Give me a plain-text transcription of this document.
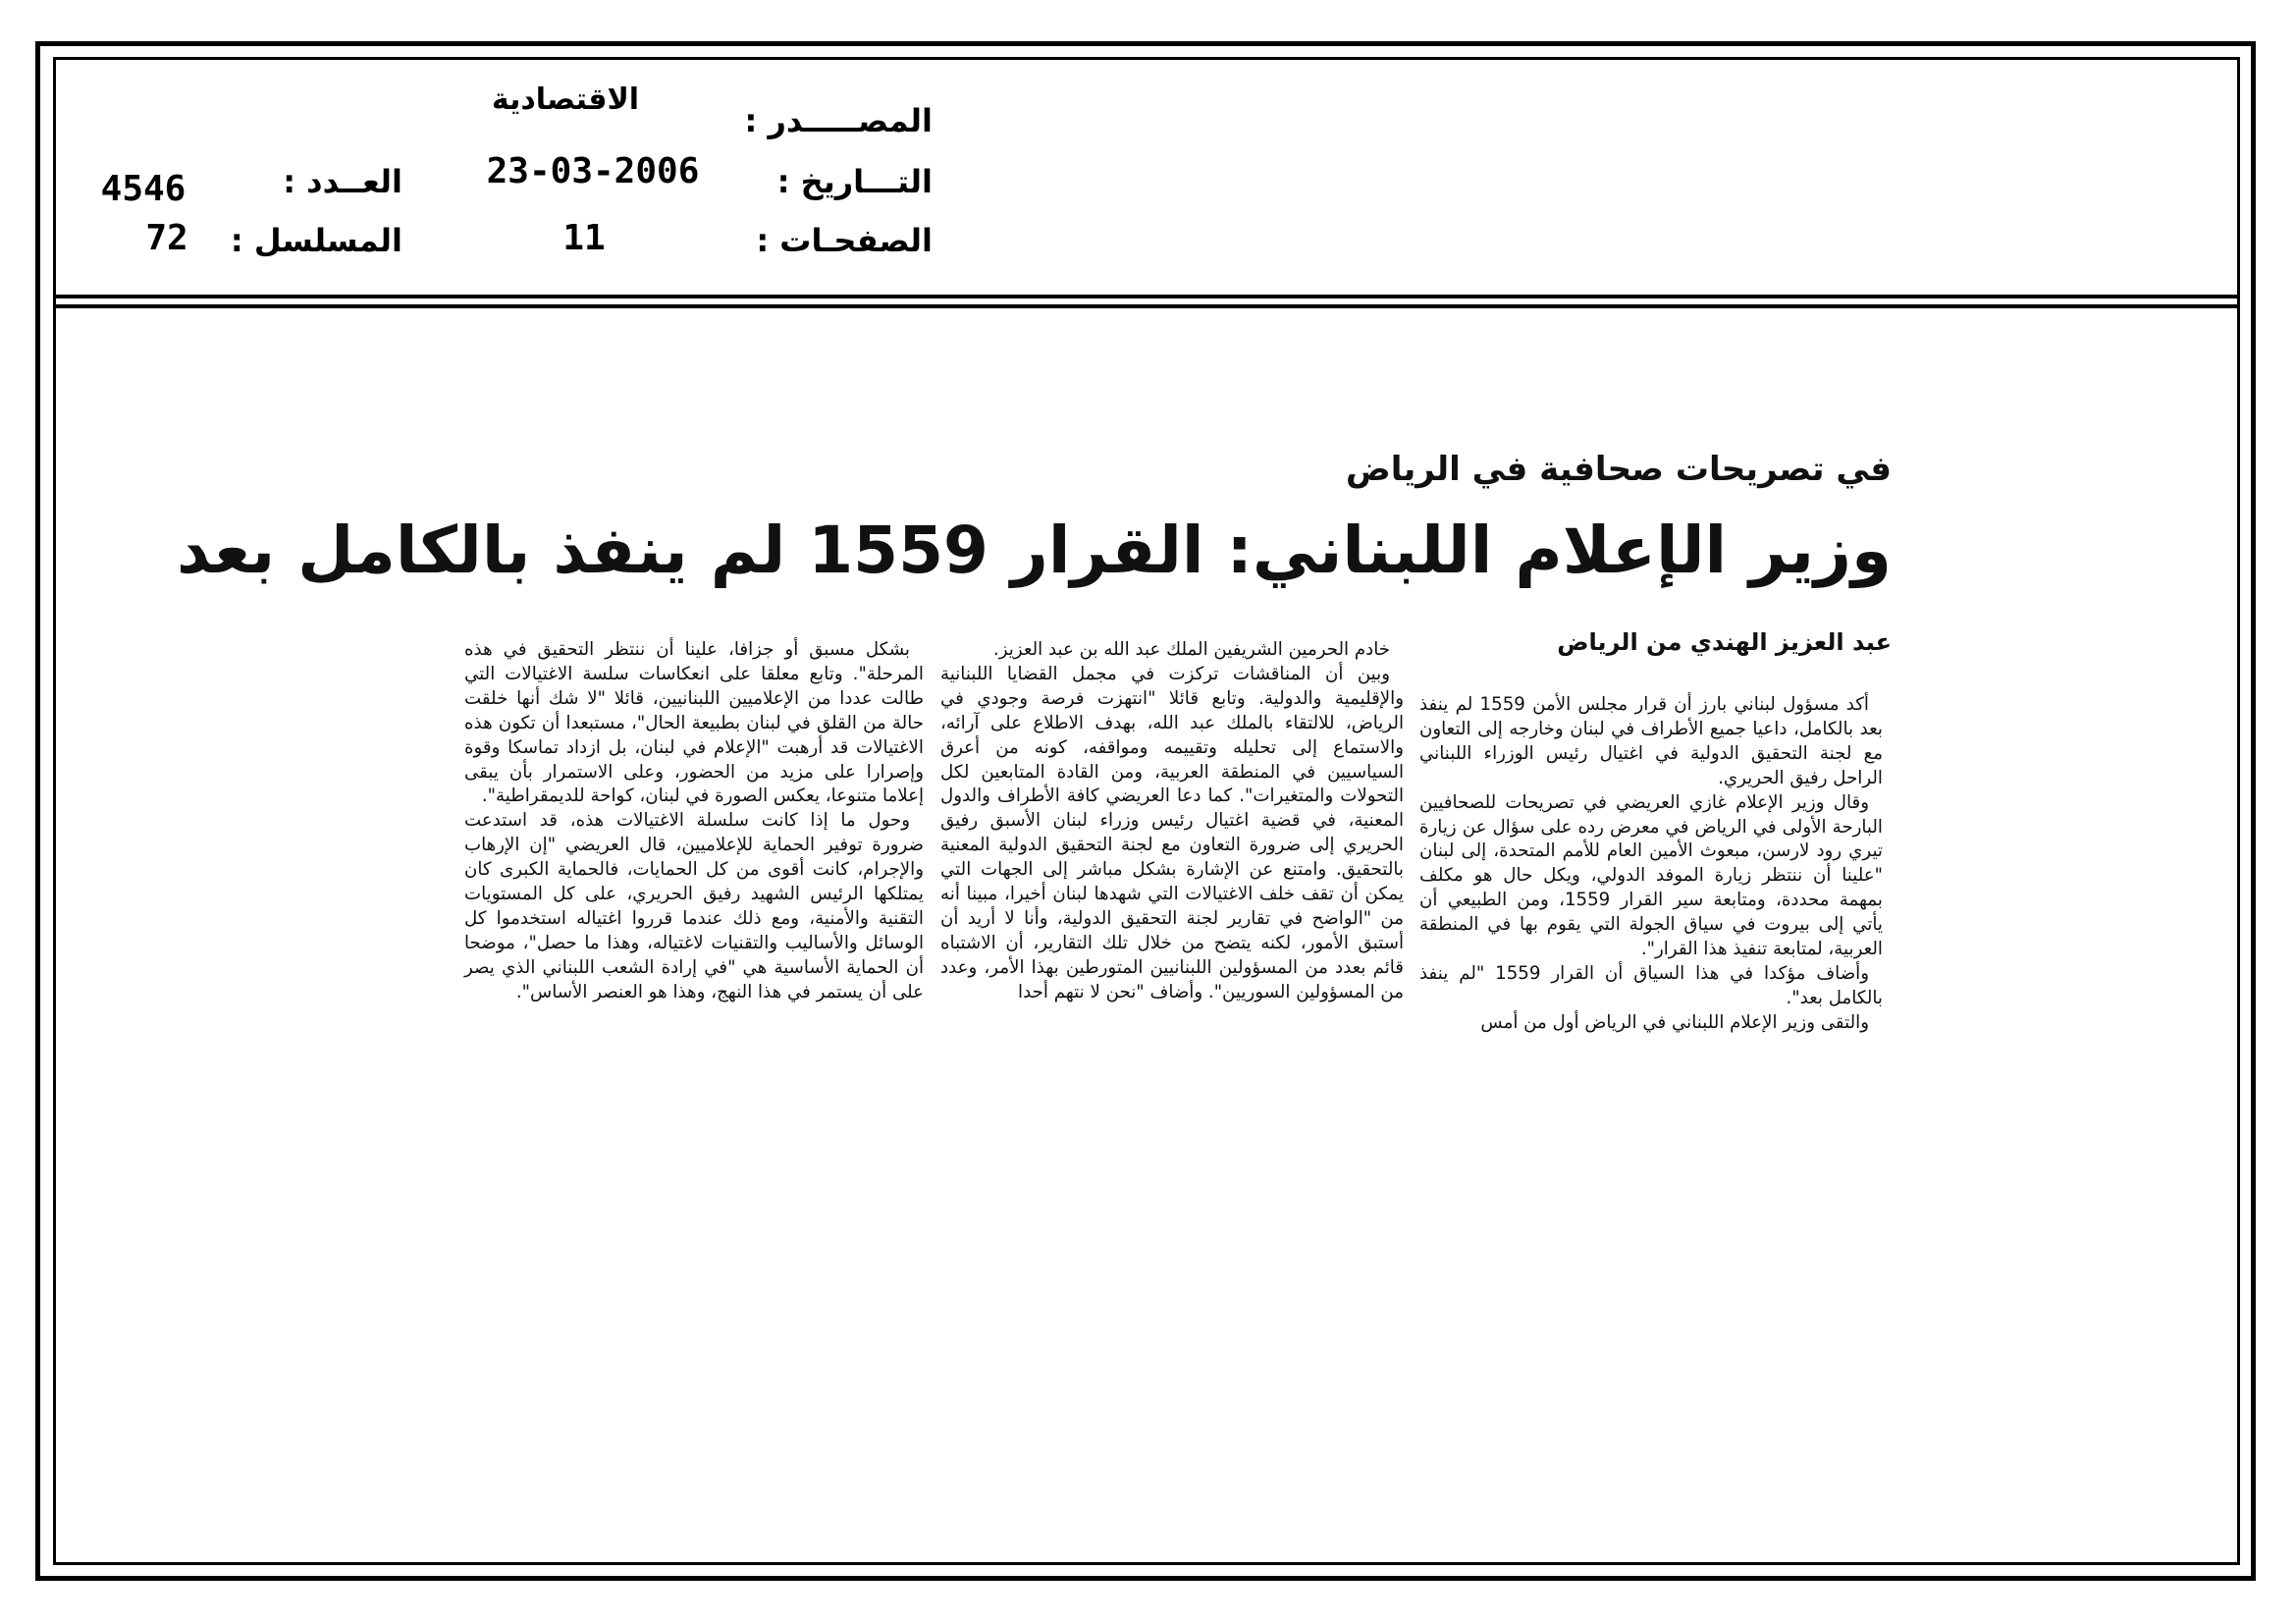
المصـــــدر :
الاقتصادية
التـــاريخ :
23-03-2006
الصفحـات :
11
العــدد :
4546
المسلسل :
72
في تصريحات صحافية في الرياض
وزير الإعلام اللبناني: القرار 1559 لم ينفذ بالكامل بعد
عبد العزيز الهندي من الرياض

أكد مسؤول لبناني بارز أن قرار مجلس الأمن 1559 لم ينفذ بعد بالكامل، داعيا جميع الأطراف في لبنان وخارجه إلى التعاون مع لجنة التحقيق الدولية في اغتيال رئيس الوزراء اللبناني الراحل رفيق الحريري.

وقال وزير الإعلام غازي العريضي في تصريحات للصحافيين البارحة الأولى في الرياض في معرض رده على سؤال عن زيارة تيري رود لارسن، مبعوث الأمين العام للأمم المتحدة، إلى لبنان "علينا أن ننتظر زيارة الموفد الدولي، ويكل حال هو مكلف بمهمة محددة، ومتابعة سير القرار 1559، ومن الطبيعي أن يأتي إلى بيروت في سياق الجولة التي يقوم بها في المنطقة العربية، لمتابعة تنفيذ هذا القرار".

وأضاف مؤكدا في هذا السياق أن القرار 1559 "لم ينفذ بالكامل بعد".

والتقى وزير الإعلام اللبناني في الرياض أول من أمس

خادم الحرمين الشريفين الملك عبد الله بن عبد العزيز.

وبين أن المناقشات تركزت في مجمل القضايا اللبنانية والإقليمية والدولية. وتابع قائلا "انتهزت فرصة وجودي في الرياض، للالتقاء بالملك عبد الله، بهدف الاطلاع على آرائه، والاستماع إلى تحليله وتقييمه ومواقفه، كونه من أعرق السياسيين في المنطقة العربية، ومن القادة المتابعين لكل التحولات والمتغيرات". كما دعا العريضي كافة الأطراف والدول المعنية، في قضية اغتيال رئيس وزراء لبنان الأسبق رفيق الحريري إلى ضرورة التعاون مع لجنة التحقيق الدولية المعنية بالتحقيق. وامتنع عن الإشارة بشكل مباشر إلى الجهات التي يمكن أن تقف خلف الاغتيالات التي شهدها لبنان أخيرا، مبينا أنه من "الواضح في تقارير لجنة التحقيق الدولية، وأنا لا أريد أن أستبق الأمور، لكنه يتضح من خلال تلك التقارير، أن الاشتباه قائم بعدد من المسؤولين اللبنانيين المتورطين بهذا الأمر، وعدد من المسؤولين السوريين". وأضاف "نحن لا نتهم أحدا

بشكل مسبق أو جزافا، علينا أن ننتظر التحقيق في هذه المرحلة". وتابع معلقا على انعكاسات سلسة الاغتيالات التي طالت عددا من الإعلاميين اللبنانيين، قائلا "لا شك أنها خلقت حالة من القلق في لبنان بطبيعة الحال"، مستبعدا أن تكون هذه الاغتيالات قد أرهبت "الإعلام في لبنان، بل ازداد تماسكا وقوة وإصرارا على مزيد من الحضور، وعلى الاستمرار بأن يبقى إعلاما متنوعا، يعكس الصورة في لبنان، كواحة للديمقراطية".

وحول ما إذا كانت سلسلة الاغتيالات هذه، قد استدعت ضرورة توفير الحماية للإعلاميين، قال العريضي "إن الإرهاب والإجرام، كانت أقوى من كل الحمايات، فالحماية الكبرى كان يمتلكها الرئيس الشهيد رفيق الحريري، على كل المستويات التقنية والأمنية، ومع ذلك عندما قرروا اغتياله استخدموا كل الوسائل والأساليب والتقنيات لاغتياله، وهذا ما حصل"، موضحا أن الحماية الأساسية هي "في إرادة الشعب اللبناني الذي يصر على أن يستمر في هذا النهج، وهذا هو العنصر الأساس".
